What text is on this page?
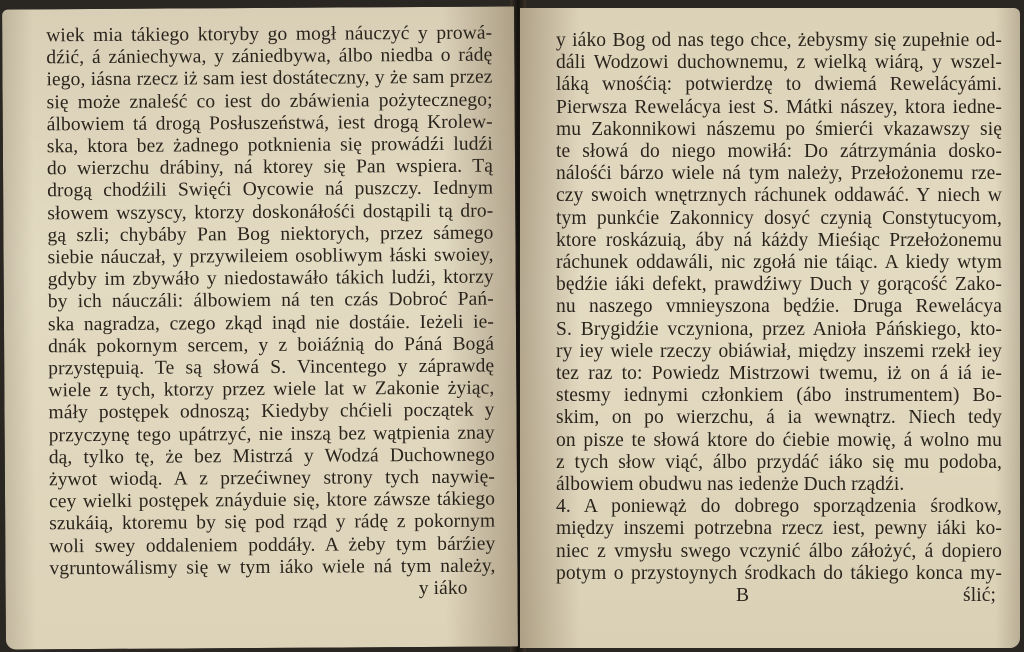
wiek mia tákiego ktoryby go mogł náuczyć y prowá-
dźić, á zániechywa, y zániedbywa, álbo niedba o rádę
iego, iásna rzecz iż sam iest dostáteczny, y że sam przez
się może znaleść co iest do zbáwienia pożytecznego;
álbowiem tá drogą Posłuszeństwá, iest drogą Krolew-
ska, ktora bez żadnego potknienia się prowádźi ludźi
do wierzchu drábiny, ná ktorey się Pan wspiera. Tą
drogą chodźili Swięći Oycowie ná puszczy. Iednym
słowem wszyscy, ktorzy doskonáłośći dostąpili tą dro-
gą szli; chybáby Pan Bog niektorych, przez sámego
siebie náuczał, y przywileiem osobliwym łáski swoiey,
gdyby im zbywáło y niedostawáło tákich ludźi, ktorzy
by ich náuczáli: álbowiem ná ten czás Dobroć Pań-
ska nagradza, czego zkąd inąd nie dostáie. Ieżeli ie-
dnák pokornym sercem, y z boiáźnią do Páná Bogá
przystępuią. Te są słowá S. Vincentego y záprawdę
wiele z tych, ktorzy przez wiele lat w Zakonie żyiąc,
máły postępek odnoszą; Kiedyby chćieli początek y
przyczynę tego upátrzyć, nie inszą bez wątpienia znay
dą, tylko tę, że bez Mistrzá y Wodzá Duchownego
żywot wiodą. A z przećiwney strony tych naywię-
cey wielki postępek znáyduie się, ktore záwsze tákiego
szukáią, ktoremu by się pod rząd y rádę z pokornym
woli swey oddaleniem poddáły. A żeby tym bárźiey
vgruntowálismy się w tym iáko wiele ná tym należy,
y iáko
y iáko Bog od nas tego chce, żebysmy się zupełnie od-
dáli Wodzowi duchownemu, z wielką wiárą, y wszel-
láką wnośćią: potwierdzę to dwiemá Rewelácyámi.
Pierwsza Rewelácya iest S. Mátki nászey, ktora iedne-
mu Zakonnikowi nászemu po śmierći vkazawszy się
te słowá do niego mowiłá: Do zátrzymánia dosko-
nálośći bárzo wiele ná tym należy, Przełożonemu rze-
czy swoich wnętrznych ráchunek oddawáć. Y niech w
tym punkćie Zakonnicy dosyć czynią Constytucyom,
ktore roskázuią, áby ná káżdy Mieśiąc Przełożonemu
ráchunek oddawáli, nic zgołá nie táiąc. A kiedy wtym
będźie iáki defekt, prawdźiwy Duch y gorącość Zako-
nu naszego vmnieyszona będźie. Druga Rewelácya
S. Brygidźie vczyniona, przez Anioła Páńskiego, kto-
ry iey wiele rzeczy obiáwiał, między inszemi rzekł iey
tez raz to: Powiedz Mistrzowi twemu, iż on á iá ie-
stesmy iednymi członkiem (ábo instrumentem) Bo-
skim, on po wierzchu, á ia wewnątrz. Niech tedy
on pisze te słowá ktore do ćiebie mowię, á wolno mu
z tych słow viąć, álbo przydáć iáko się mu podoba,
álbowiem obudwu nas iedenże Duch rządźi.
4. A poniewąż do dobrego sporządzenia środkow,
między inszemi potrzebna rzecz iest, pewny iáki ko-
niec z vmysłu swego vczynić álbo záłożyć, á dopiero
potym o przystoynych środkach do tákiego konca my-
B	ślić;
